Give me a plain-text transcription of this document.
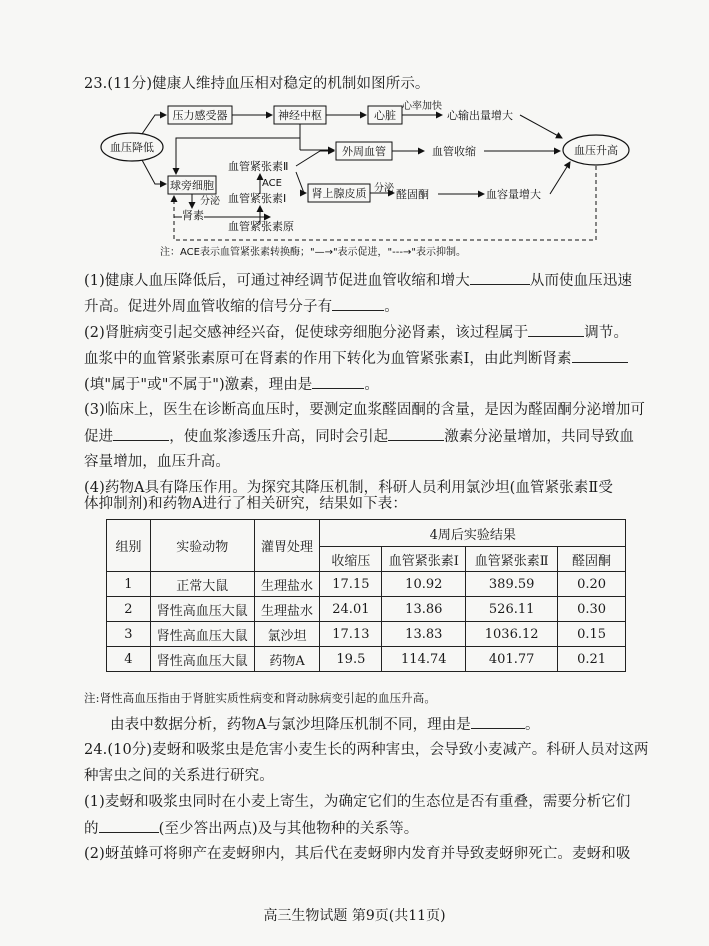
23.(11分)健康人维持血压相对稳定的机制如图所示。
血压降低
压力感受器	神经中枢	心脏
心率加快
心输出量增大
外周血管	血管收缩	血压升高
球旁细胞
分泌
肾素
血管紧张素Ⅱ
ACE
血管紧张素Ⅰ
血管紧张素原
肾上腺皮质 分泌 醛固酮	血容量增大
注：ACE表示血管紧张素转换酶；"—→"表示促进，"---→"表示抑制。
(1)健康人血压降低后，可通过神经调节促进血管收缩和增大	从而使血压迅速
升高。促进外周血管收缩的信号分子有	。
(2)肾脏病变引起交感神经兴奋，促使球旁细胞分泌肾素，该过程属于	调节。
血浆中的血管紧张素原可在肾素的作用下转化为血管紧张素Ⅰ，由此判断肾素
(填"属于"或"不属于")激素，理由是	。
(3)临床上，医生在诊断高血压时，要测定血浆醛固酮的含量，是因为醛固酮分泌增加可
促进	，使血浆渗透压升高，同时会引起	激素分泌量增加，共同导致血
容量增加，血压升高。
(4)药物A具有降压作用。为探究其降压机制，科研人员利用氯沙坦(血管紧张素Ⅱ受
体抑制剂)和药物A进行了相关研究，结果如下表：
组别	实验动物	灌胃处理	4周后实验结果			
			收缩压	血管紧张素Ⅰ	血管紧张素Ⅱ	醛固酮
1	正常大鼠	生理盐水	17.15	10.92	389.59	0.20
2	肾性高血压大鼠	生理盐水	24.01	13.86	526.11	0.30
3	肾性高血压大鼠	氯沙坦	17.13	13.83	1036.12	0.15
4	肾性高血压大鼠	药物A	19.5	114.74	401.77	0.21
注:肾性高血压指由于肾脏实质性病变和肾动脉病变引起的血压升高。
由表中数据分析，药物A与氯沙坦降压机制不同，理由是	。
24.(10分)麦蚜和吸浆虫是危害小麦生长的两种害虫，会导致小麦减产。科研人员对这两
种害虫之间的关系进行研究。
(1)麦蚜和吸浆虫同时在小麦上寄生，为确定它们的生态位是否有重叠，需要分析它们
的	(至少答出两点)及与其他物种的关系等。
(2)蚜茧蜂可将卵产在麦蚜卵内，其后代在麦蚜卵内发育并导致麦蚜卵死亡。麦蚜和吸
高三生物试题 第9页(共11页)
